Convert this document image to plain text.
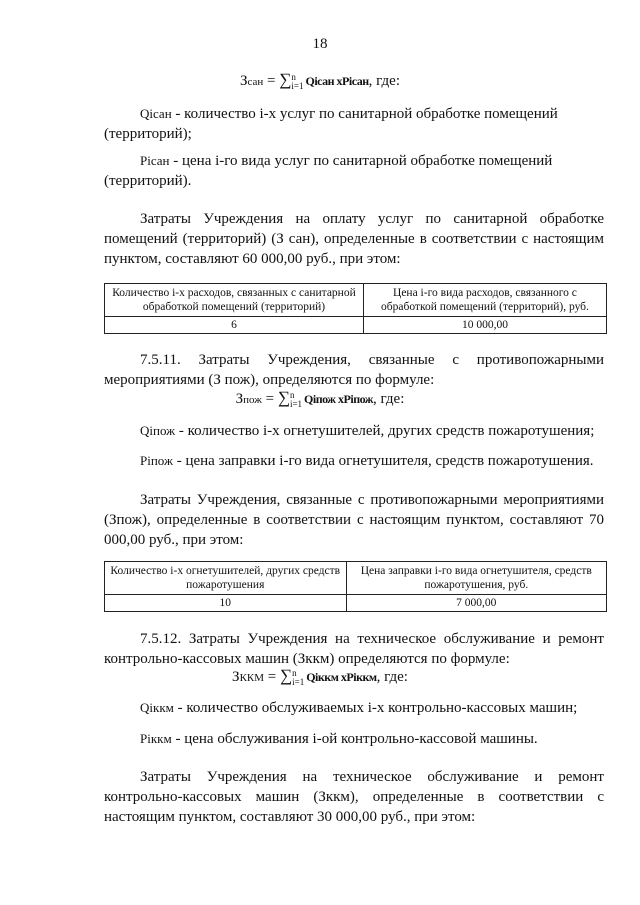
18
Зсан = ∑n
i=1 Qiсан xPiсан, где:
Qiсан - количество i-х услуг по санитарной обработке помещений (территорий);
Piсан - цена i-го вида услуг по санитарной обработке помещений (территорий).
Затраты Учреждения на оплату услуг по санитарной обработке помещений (территорий) (З сан), определенные в соответствии с настоящим пунктом, составляют 60 000,00 руб., при этом:
Количество i-х расходов, связанных с санитарной обработкой помещений (территорий)	Цена i-го вида расходов, связанного с обработкой помещений (территорий), руб.
6	10 000,00
7.5.11. Затраты Учреждения, связанные с противопожарными мероприятиями (З пож), определяются по формуле:
Зпож = ∑n
i=1 Qiпож xPiпож, где:
Qiпож - количество i-х огнетушителей, других средств пожаротушения;
Piпож - цена заправки i-го вида огнетушителя, средств пожаротушения.
Затраты Учреждения, связанные с противопожарными мероприятиями (Зпож), определенные в соответствии с настоящим пунктом, составляют 70 000,00 руб., при этом:
Количество i-х огнетушителей, других средств пожаротушения	Цена заправки i-го вида огнетушителя, средств пожаротушения, руб.
10	7 000,00
7.5.12. Затраты Учреждения на техническое обслуживание и ремонт контрольно-кассовых машин (Зккм) определяются по формуле:
ЗККМ = ∑n
i=1 Qiккм xPiккм, где:
Qiккм - количество обслуживаемых i-х контрольно-кассовых машин;
Piккм - цена обслуживания i-ой контрольно-кассовой машины.
Затраты Учреждения на техническое обслуживание и ремонт контрольно-кассовых машин (Зккм), определенные в соответствии с настоящим пунктом, составляют 30 000,00 руб., при этом:
